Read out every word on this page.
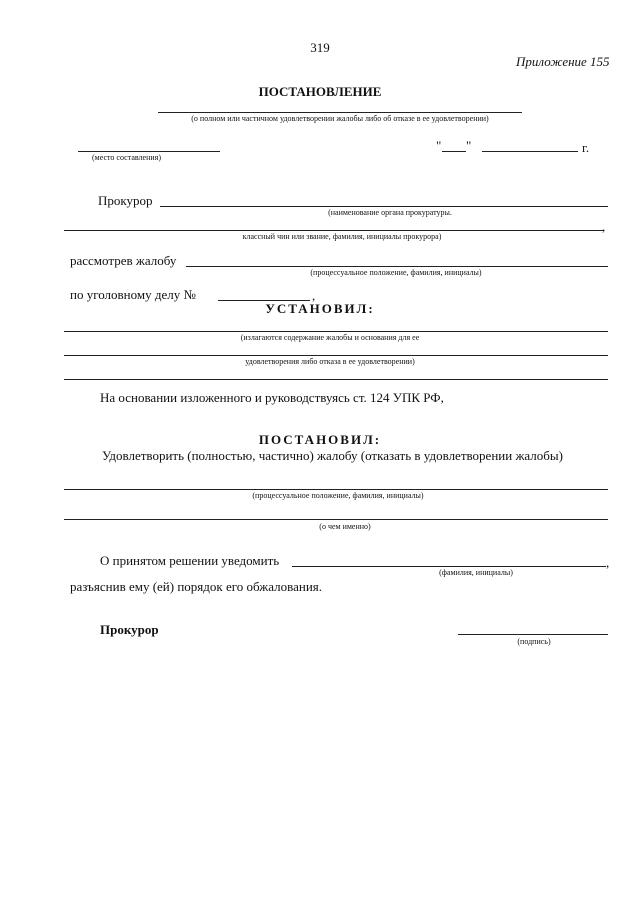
319
Приложение 155
ПОСТАНОВЛЕНИЕ
(о полном или частичном удовлетворении жалобы либо об отказе в ее удовлетворении)
(место составления)
" "	г.
Прокурор
(наименование органа прокуратуры.
,
классный чин или звание, фамилия, инициалы прокурора)
рассмотрев жалобу
(процессуальное положение, фамилия, инициалы)
по уголовному делу №	,
УСТАНОВИЛ:
(излагаются содержание жалобы и основания для ее
удовлетворения либо отказа в ее удовлетворении)
На основании изложенного и руководствуясь ст. 124 УПК РФ,
ПОСТАНОВИЛ:
Удовлетворить (полностью, частично) жалобу (отказать в удовлетворении жалобы)
(процессуальное положение, фамилия, инициалы)
(о чем именно)
О принятом решении уведомить	,
(фамилия, инициалы)
разъяснив ему (ей) порядок его обжалования.
Прокурор
(подпись)
